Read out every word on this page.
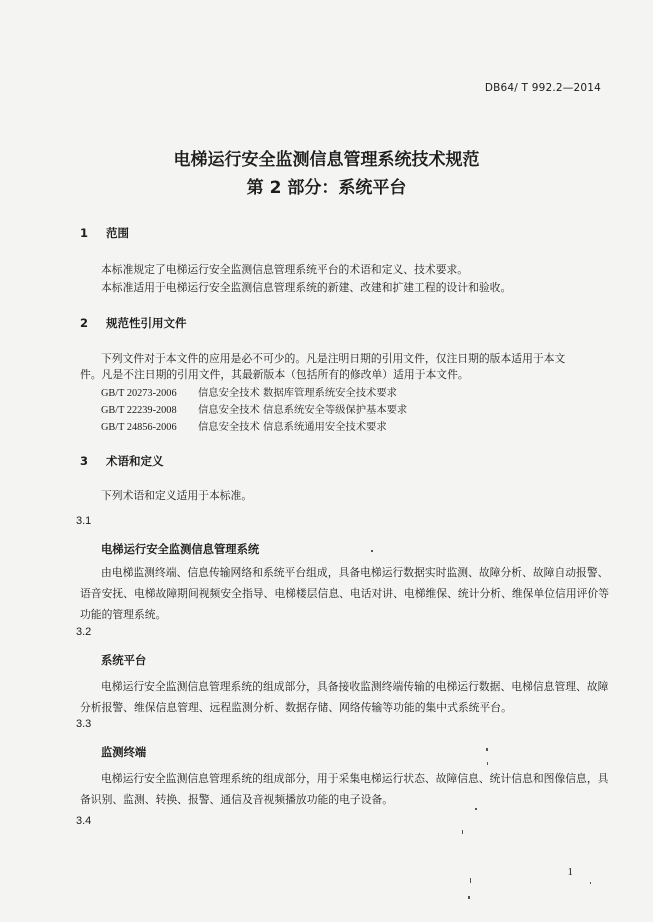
DB64/ T 992.2—2014
电梯运行安全监测信息管理系统技术规范
第 2 部分：系统平台
1 范围
本标准规定了电梯运行安全监测信息管理系统平台的术语和定义、技术要求。
本标准适用于电梯运行安全监测信息管理系统的新建、改建和扩建工程的设计和验收。
2 规范性引用文件
下列文件对于本文件的应用是必不可少的。凡是注明日期的引用文件，仅注日期的版本适用于本文
件。凡是不注日期的引用文件，其最新版本（包括所有的修改单）适用于本文件。
GB/T 20273-2006 信息安全技术 数据库管理系统安全技术要求
GB/T 22239-2008 信息安全技术 信息系统安全等级保护基本要求
GB/T 24856-2006 信息安全技术 信息系统通用安全技术要求
3 术语和定义
下列术语和定义适用于本标准。
3.1
电梯运行安全监测信息管理系统
由电梯监测终端、信息传输网络和系统平台组成，具备电梯运行数据实时监测、故障分析、故障自动报警、语音安抚、电梯故障期间视频安全指导、电梯楼层信息、电话对讲、电梯维保、统计分析、维保单位信用评价等功能的管理系统。
3.2
系统平台
电梯运行安全监测信息管理系统的组成部分，具备接收监测终端传输的电梯运行数据、电梯信息管理、故障分析报警、维保信息管理、远程监测分析、数据存储、网络传输等功能的集中式系统平台。
3.3
监测终端
电梯运行安全监测信息管理系统的组成部分，用于采集电梯运行状态、故障信息、统计信息和图像信息，具备识别、监测、转换、报警、通信及音视频播放功能的电子设备。
3.4
1
